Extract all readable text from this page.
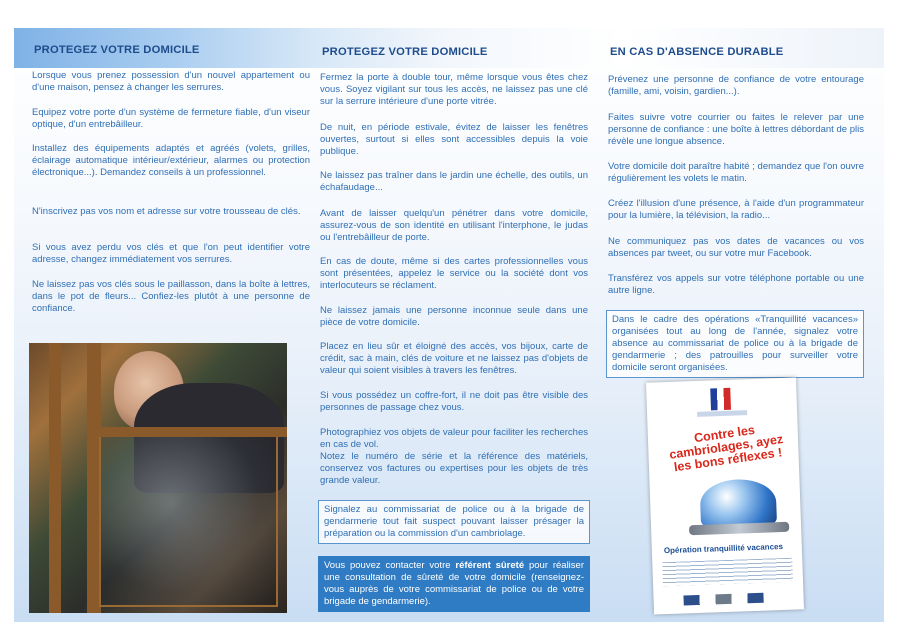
PROTEGEZ VOTRE DOMICILE

Lorsque vous prenez possession d'un nouvel appartement ou d'une maison, pensez à changer les serrures.

Equipez votre porte d'un système de fermeture fiable, d'un viseur optique, d'un entrebâilleur.

Installez des équipements adaptés et agréés (volets, grilles, éclairage automatique intérieur/extérieur, alarmes ou protection électronique...). Demandez conseils à un professionnel.

N'inscrivez pas vos nom et adresse sur votre trousseau de clés.

Si vous avez perdu vos clés et que l'on peut identifier votre adresse, changez immédiatement vos serrures.

Ne laissez pas vos clés sous le paillasson, dans la boîte à lettres, dans le pot de fleurs... Confiez-les plutôt à une personne de confiance.

PROTEGEZ VOTRE DOMICILE

Fermez la porte à double tour, même lorsque vous êtes chez vous. Soyez vigilant sur tous les accès, ne laissez pas une clé sur la serrure intérieure d'une porte vitrée.

De nuit, en période estivale, évitez de laisser les fenêtres ouvertes, surtout si elles sont accessibles depuis la voie publique.

Ne laissez pas traîner dans le jardin une échelle, des outils, un échafaudage...

Avant de laisser quelqu'un pénétrer dans votre domicile, assurez-vous de son identité en utilisant l'interphone, le judas ou l'entrebâilleur de porte.

En cas de doute, même si des cartes professionnelles vous sont présentées, appelez le service ou la société dont vos interlocuteurs se réclament.

Ne laissez jamais une personne inconnue seule dans une pièce de votre domicile.

Placez en lieu sûr et éloigné des accès, vos bijoux, carte de crédit, sac à main, clés de voiture et ne laissez pas d'objets de valeur qui soient visibles à travers les fenêtres.

Si vous possédez un coffre-fort, il ne doit pas être visible des personnes de passage chez vous.

Photographiez vos objets de valeur pour faciliter les recherches en cas de vol.

Notez le numéro de série et la référence des matériels, conservez vos factures ou expertises pour les objets de très grande valeur.

Signalez au commissariat de police ou à la brigade de gendarmerie tout fait suspect pouvant laisser présager la préparation ou la commission d'un cambriolage.
Vous pouvez contacter votre référent sûreté pour réaliser une consultation de sûreté de votre domicile (renseignez-vous auprès de votre commissariat de police ou de votre brigade de gendarmerie).
EN CAS D'ABSENCE DURABLE

Prévenez une personne de confiance de votre entourage (famille, ami, voisin, gardien...).

Faites suivre votre courrier ou faites le relever par une personne de confiance : une boîte à lettres débordant de plis révèle une longue absence.

Votre domicile doit paraître habité ; demandez que l'on ouvre régulièrement les volets le matin.

Créez l'illusion d'une présence, à l'aide d'un programmateur pour la lumière, la télévision, la radio...

Ne communiquez pas vos dates de vacances ou vos absences par tweet, ou sur votre mur Facebook.

Transférez vos appels sur votre téléphone portable ou une autre ligne.

Dans le cadre des opérations «Tranquillité vacances» organisées tout au long de l'année, signalez votre absence au commissariat de police ou à la brigade de gendarmerie ; des patrouilles pour surveiller votre domicile seront organisées.
Contre les cambriolages, ayez les bons réflexes !
Opération tranquillité vacances
